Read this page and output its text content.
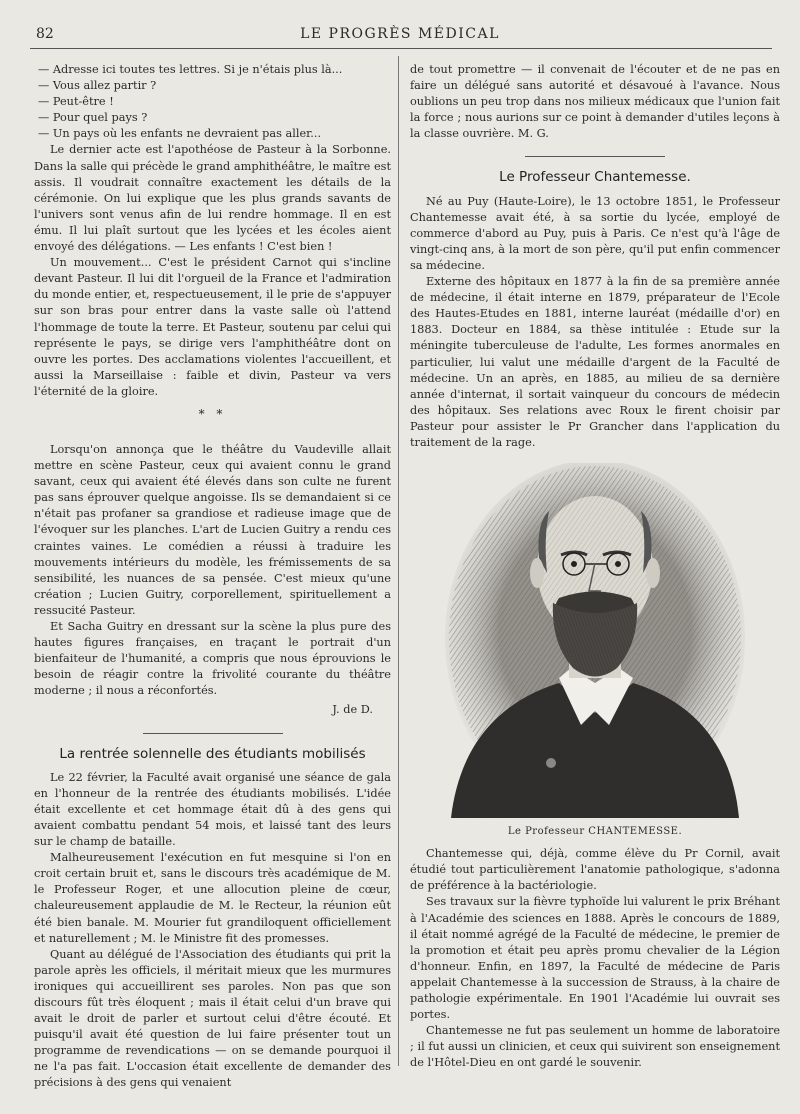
82	LE PROGRÈS MÉDICAL

— Adresse ici toutes tes lettres. Si je n'étais plus là...

— Vous allez partir ?

— Peut-être !

— Pour quel pays ?

— Un pays où les enfants ne devraient pas aller...

Le dernier acte est l'apothéose de Pasteur à la Sorbonne. Dans la salle qui précède le grand amphithéâtre, le maître est assis. Il voudrait connaître exactement les détails de la cérémonie. On lui explique que les plus grands savants de l'univers sont venus afin de lui rendre hommage. Il en est ému. Il lui plaît surtout que les lycées et les écoles aient envoyé des délégations. — Les enfants ! C'est bien !

Un mouvement... C'est le président Carnot qui s'incline devant Pasteur. Il lui dit l'orgueil de la France et l'admiration du monde entier, et, respectueusement, il le prie de s'appuyer sur son bras pour entrer dans la vaste salle où l'attend l'hommage de toute la terre. Et Pasteur, soutenu par celui qui représente le pays, se dirige vers l'amphithéâtre dont on ouvre les portes. Des acclamations violentes l'accueillent, et aussi la Marseillaise : faible et divin, Pasteur va vers l'éternité de la gloire.

* *

Lorsqu'on annonça que le théâtre du Vaudeville allait mettre en scène Pasteur, ceux qui avaient connu le grand savant, ceux qui avaient été élevés dans son culte ne furent pas sans éprouver quelque angoisse. Ils se demandaient si ce n'était pas profaner sa grandiose et radieuse image que de l'évoquer sur les planches. L'art de Lucien Guitry a rendu ces craintes vaines. Le comédien a réussi à traduire les mouvements intérieurs du modèle, les frémissements de sa sensibilité, les nuances de sa pensée. C'est mieux qu'une création ; Lucien Guitry, corporellement, spirituellement a ressucité Pasteur.

Et Sacha Guitry en dressant sur la scène la plus pure des hautes figures françaises, en traçant le portrait d'un bienfaiteur de l'humanité, a compris que nous éprouvions le besoin de réagir contre la frivolité courante du théâtre moderne ; il nous a réconfortés.

J. de D.

La rentrée solennelle des étudiants mobilisés

Le 22 février, la Faculté avait organisé une séance de gala en l'honneur de la rentrée des étudiants mobilisés. L'idée était excellente et cet hommage était dû à des gens qui avaient combattu pendant 54 mois, et laissé tant des leurs sur le champ de bataille.

Malheureusement l'exécution en fut mesquine si l'on en croit certain bruit et, sans le discours très académique de M. le Professeur Roger, et une allocution pleine de cœur, chaleureusement applaudie de M. le Recteur, la réunion eût été bien banale. M. Mourier fut grandiloquent officiellement et naturellement ; M. le Ministre fit des promesses.

Quant au délégué de l'Association des étudiants qui prit la parole après les officiels, il méritait mieux que les murmures ironiques qui accueillirent ses paroles. Non pas que son discours fût très éloquent ; mais il était celui d'un brave qui avait le droit de parler et surtout celui d'être écouté. Et puisqu'il avait été question de lui faire présenter tout un programme de revendications — on se demande pourquoi il ne l'a pas fait. L'occasion était excellente de demander des précisions à des gens qui venaient

de tout promettre — il convenait de l'écouter et de ne pas en faire un délégué sans autorité et désavoué à l'avance. Nous oublions un peu trop dans nos milieux médicaux que l'union fait la force ; nous aurions sur ce point à demander d'utiles leçons à la classe ouvrière. M. G.

Le Professeur Chantemesse.

Né au Puy (Haute-Loire), le 13 octobre 1851, le Professeur Chantemesse avait été, à sa sortie du lycée, employé de commerce d'abord au Puy, puis à Paris. Ce n'est qu'à l'âge de vingt-cinq ans, à la mort de son père, qu'il put enfin commencer sa médecine.

Externe des hôpitaux en 1877 à la fin de sa première année de médecine, il était interne en 1879, préparateur de l'Ecole des Hautes-Etudes en 1881, interne lauréat (médaille d'or) en 1883. Docteur en 1884, sa thèse intitulée : Etude sur la méningite tuberculeuse de l'adulte, Les formes anormales en particulier, lui valut une médaille d'argent de la Faculté de médecine. Un an après, en 1885, au milieu de sa dernière année d'internat, il sortait vainqueur du concours de médecin des hôpitaux. Ses relations avec Roux le firent choisir par Pasteur pour assister le Pr Grancher dans l'application du traitement de la rage.

Le Professeur CHANTEMESSE.

Chantemesse qui, déjà, comme élève du Pr Cornil, avait étudié tout particulièrement l'anatomie pathologique, s'adonna de préférence à la bactériologie.

Ses travaux sur la fièvre typhoïde lui valurent le prix Bréhant à l'Académie des sciences en 1888. Après le concours de 1889, il était nommé agrégé de la Faculté de médecine, le premier de la promotion et était peu après promu chevalier de la Légion d'honneur. Enfin, en 1897, la Faculté de médecine de Paris appelait Chantemesse à la succession de Strauss, à la chaire de pathologie expérimentale. En 1901 l'Académie lui ouvrait ses portes.

Chantemesse ne fut pas seulement un homme de laboratoire ; il fut aussi un clinicien, et ceux qui suivirent son enseignement de l'Hôtel-Dieu en ont gardé le souvenir.
